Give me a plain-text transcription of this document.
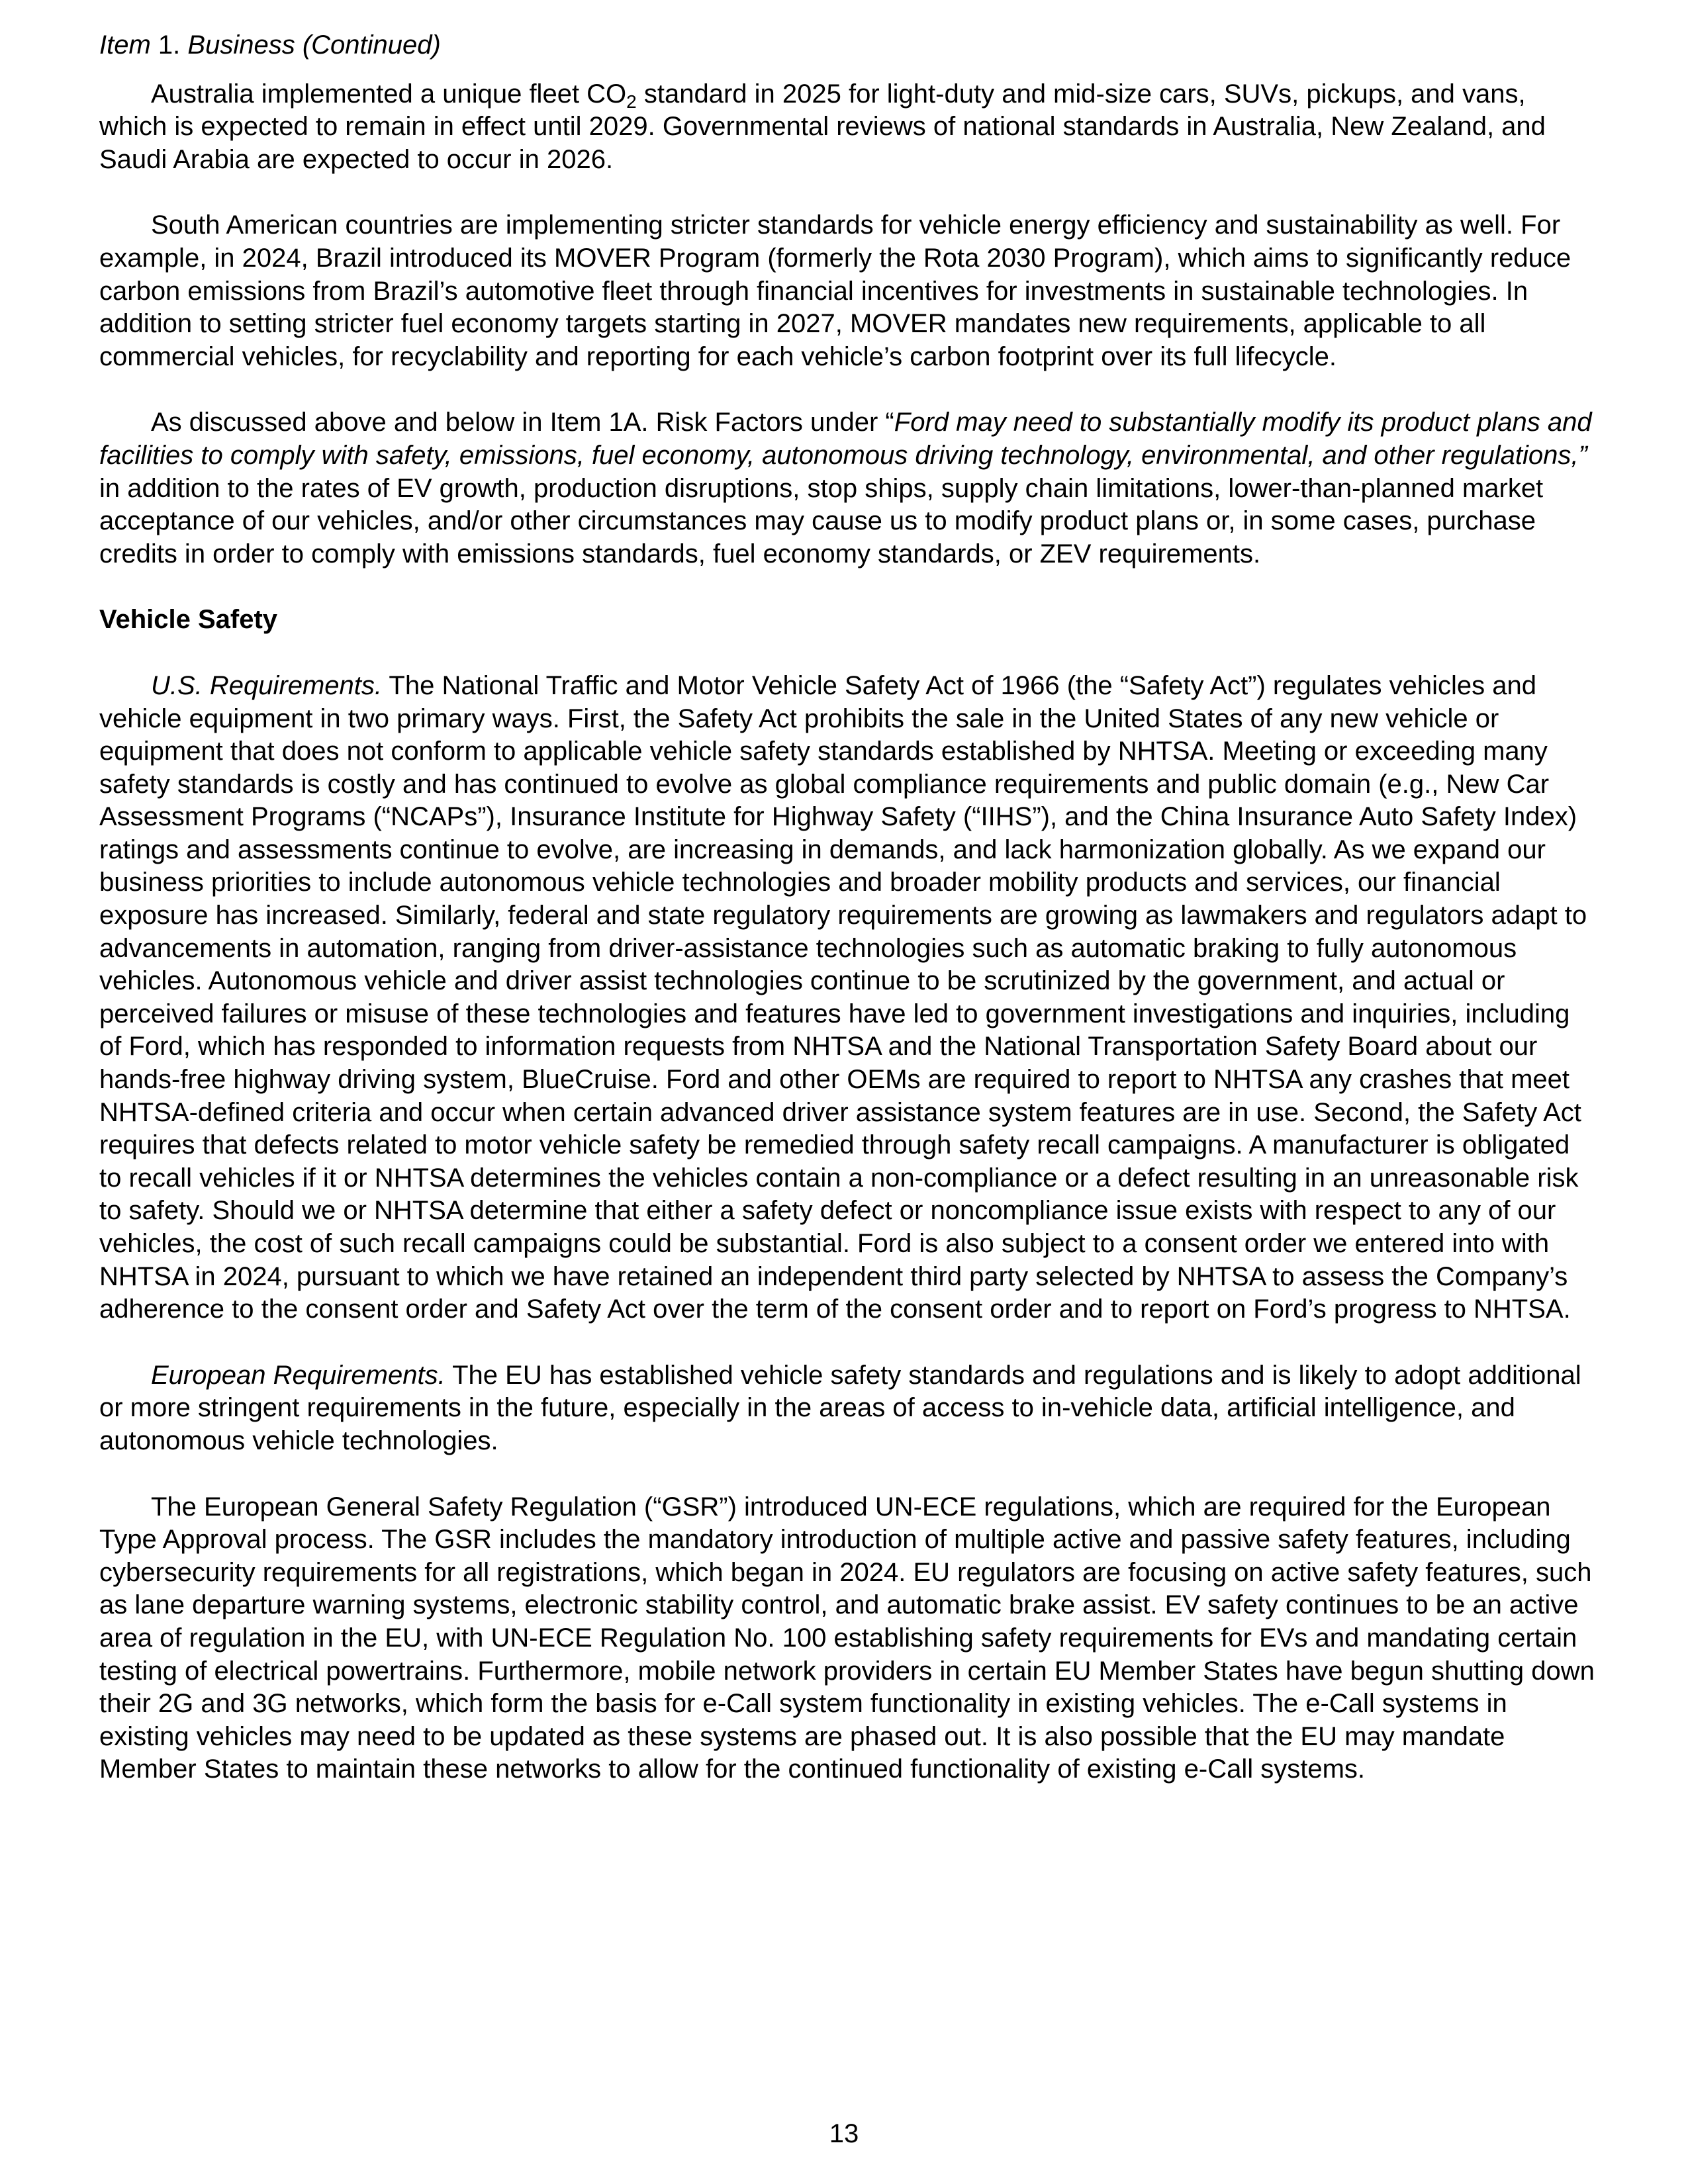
Item 1. Business (Continued)

Australia implemented a unique fleet $CO_2$ standard in 2025 for light-duty and mid-size cars, SUVs, pickups, and vans, which is expected to remain in effect until 2029. Governmental reviews of national standards in Australia, New Zealand, and Saudi Arabia are expected to occur in 2026.

South American countries are implementing stricter standards for vehicle energy efficiency and sustainability as well. For example, in 2024, Brazil introduced its MOVER Program (formerly the Rota 2030 Program), which aims to significantly reduce carbon emissions from Brazil’s automotive fleet through financial incentives for investments in sustainable technologies. In addition to setting stricter fuel economy targets starting in 2027, MOVER mandates new requirements, applicable to all commercial vehicles, for recyclability and reporting for each vehicle’s carbon footprint over its full lifecycle.

As discussed above and below in Item 1A. Risk Factors under “Ford may need to substantially modify its product plans and facilities to comply with safety, emissions, fuel economy, autonomous driving technology, environmental, and other regulations,” in addition to the rates of EV growth, production disruptions, stop ships, supply chain limitations, lower-than-planned market acceptance of our vehicles, and/or other circumstances may cause us to modify product plans or, in some cases, purchase credits in order to comply with emissions standards, fuel economy standards, or ZEV requirements.

Vehicle Safety

U.S. Requirements. The National Traffic and Motor Vehicle Safety Act of 1966 (the “Safety Act”) regulates vehicles and vehicle equipment in two primary ways. First, the Safety Act prohibits the sale in the United States of any new vehicle or equipment that does not conform to applicable vehicle safety standards established by NHTSA. Meeting or exceeding many safety standards is costly and has continued to evolve as global compliance requirements and public domain (e.g., New Car Assessment Programs (“NCAPs”), Insurance Institute for Highway Safety (“IIHS”), and the China Insurance Auto Safety Index) ratings and assessments continue to evolve, are increasing in demands, and lack harmonization globally. As we expand our business priorities to include autonomous vehicle technologies and broader mobility products and services, our financial exposure has increased. Similarly, federal and state regulatory requirements are growing as lawmakers and regulators adapt to advancements in automation, ranging from driver-assistance technologies such as automatic braking to fully autonomous vehicles. Autonomous vehicle and driver assist technologies continue to be scrutinized by the government, and actual or perceived failures or misuse of these technologies and features have led to government investigations and inquiries, including of Ford, which has responded to information requests from NHTSA and the National Transportation Safety Board about our hands-free highway driving system, BlueCruise. Ford and other OEMs are required to report to NHTSA any crashes that meet NHTSA-defined criteria and occur when certain advanced driver assistance system features are in use. Second, the Safety Act requires that defects related to motor vehicle safety be remedied through safety recall campaigns. A manufacturer is obligated to recall vehicles if it or NHTSA determines the vehicles contain a non-compliance or a defect resulting in an unreasonable risk to safety. Should we or NHTSA determine that either a safety defect or noncompliance issue exists with respect to any of our vehicles, the cost of such recall campaigns could be substantial. Ford is also subject to a consent order we entered into with NHTSA in 2024, pursuant to which we have retained an independent third party selected by NHTSA to assess the Company’s adherence to the consent order and Safety Act over the term of the consent order and to report on Ford’s progress to NHTSA.

European Requirements. The EU has established vehicle safety standards and regulations and is likely to adopt additional or more stringent requirements in the future, especially in the areas of access to in-vehicle data, artificial intelligence, and autonomous vehicle technologies.

The European General Safety Regulation (“GSR”) introduced UN-ECE regulations, which are required for the European Type Approval process. The GSR includes the mandatory introduction of multiple active and passive safety features, including cybersecurity requirements for all registrations, which began in 2024. EU regulators are focusing on active safety features, such as lane departure warning systems, electronic stability control, and automatic brake assist. EV safety continues to be an active area of regulation in the EU, with UN-ECE Regulation No. 100 establishing safety requirements for EVs and mandating certain testing of electrical powertrains. Furthermore, mobile network providers in certain EU Member States have begun shutting down their 2G and 3G networks, which form the basis for e-Call system functionality in existing vehicles. The e-Call systems in existing vehicles may need to be updated as these systems are phased out. It is also possible that the EU may mandate Member States to maintain these networks to allow for the continued functionality of existing e-Call systems.

13
